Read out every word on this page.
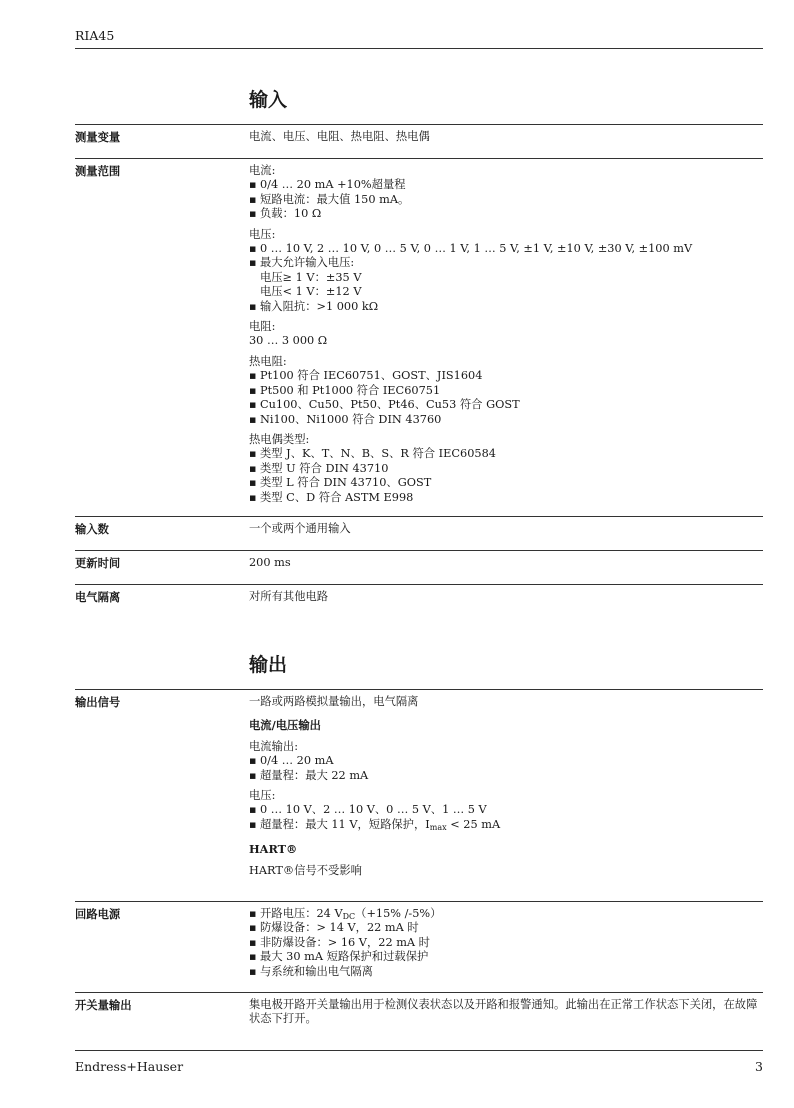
RIA45
输入
测量变量	电流、电压、电阻、热电阻、热电偶
测量范围	电流:
▪ 0/4 … 20 mA +10%超量程
▪ 短路电流：最大值 150 mA。
▪ 负载：10 Ω
电压:
▪ 0 … 10 V, 2 … 10 V, 0 … 5 V, 0 … 1 V, 1 … 5 V, ±1 V, ±10 V, ±30 V, ±100 mV
▪ 最大允许输入电压:
电压≥ 1 V：±35 V
电压< 1 V：±12 V
▪ 输入阻抗：>1 000 kΩ
电阻:
30 … 3 000 Ω
热电阻:
▪ Pt100 符合 IEC60751、GOST、JIS1604
▪ Pt500 和 Pt1000 符合 IEC60751
▪ Cu100、Cu50、Pt50、Pt46、Cu53 符合 GOST
▪ Ni100、Ni1000 符合 DIN 43760
热电偶类型:
▪ 类型 J、K、T、N、B、S、R 符合 IEC60584
▪ 类型 U 符合 DIN 43710
▪ 类型 L 符合 DIN 43710、GOST
▪ 类型 C、D 符合 ASTM E998
输入数	一个或两个通用输入
更新时间	200 ms
电气隔离	对所有其他电路
输出
输出信号	一路或两路模拟量输出，电气隔离
电流/电压输出
电流输出:
▪ 0/4 … 20 mA
▪ 超量程：最大 22 mA
电压:
▪ 0 … 10 V、2 … 10 V、0 … 5 V、1 … 5 V
▪ 超量程：最大 11 V，短路保护，$I_{max} < 25$ mA
HART®
HART®信号不受影响
回路电源
▪	开路电压：24 $V_{DC}(+15\%$ /-5%）
▪ 防爆设备：> 14 V，22 mA 时
▪ 非防爆设备：> 16 V，22 mA 时
▪ 最大 30 mA 短路保护和过载保护
▪ 与系统和输出电气隔离
开关量输出	集电极开路开关量输出用于检测仪表状态以及开路和报警通知。此输出在正常工作状态下关闭，在故障状态下打开。
Endress+Hauser	3
